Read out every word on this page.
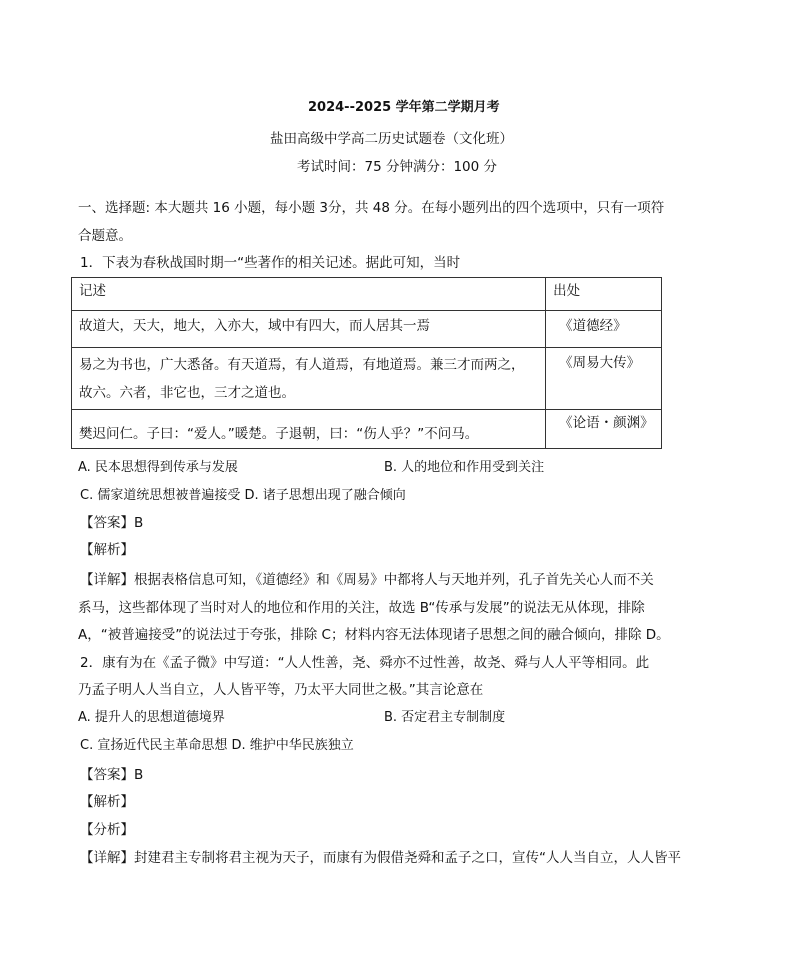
2024--2025 学年第二学期月考
盐田高级中学高二历史试题卷（文化班）
考试时间：75 分钟满分：100 分
一、选择题: 本大题共 16 小题，每小题 3分，共 48 分。在每小题列出的四个选项中，只有一项符
合题意。
1．下表为春秋战国时期一“些著作的相关记述。据此可知，当时
记述	出处

故道大，天大，地大，入亦大，域中有四大，而人居其一焉	《道德经》

易之为书也，广大悉备。有天道焉，有人道焉，有地道焉。兼三才而两之，
故六。六者，非它也，三才之道也。	《周易大传》

樊迟问仁。子曰：“爱人。”暖楚。子退朝，曰：“伤人乎？”不问马。	《论语・颜渊》
A. 民本思想得到传承与发展	B. 人的地位和作用受到关注
C. 儒家道统思想被普遍接受 D. 诸子思想出现了融合倾向
【答案】B
【解析】
【详解】根据表格信息可知，《道德经》和《周易》中都将人与天地并列，孔子首先关心人而不关
系马，这些都体现了当时对人的地位和作用的关注，故选 B“传承与发展”的说法无从体现，排除
A，“被普遍接受”的说法过于夸张，排除 C；材料内容无法体现诸子思想之间的融合倾向，排除 D。
2．康有为在《孟子微》中写道：“人人性善，尧、舜亦不过性善，故尧、舜与人人平等相同。此
乃孟子明人人当自立，人人皆平等，乃太平大同世之极。”其言论意在
A. 提升人的思想道德境界	B. 否定君主专制制度
C. 宣扬近代民主革命思想 D. 维护中华民族独立
【答案】B
【解析】
【分析】
【详解】封建君主专制将君主视为天子，而康有为假借尧舜和孟子之口，宣传“人人当自立，人人皆平
